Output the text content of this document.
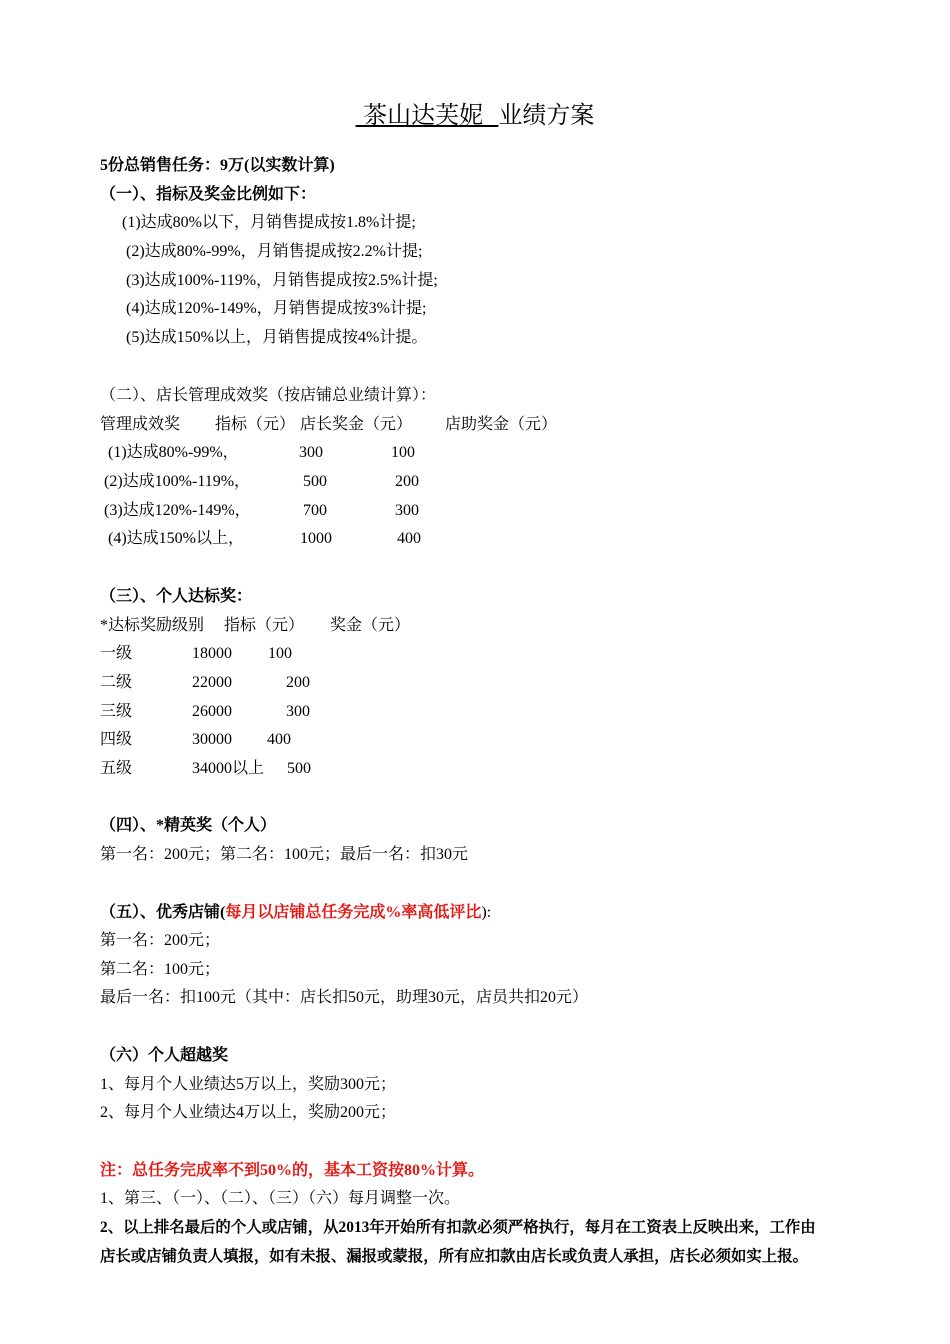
茶山达芙妮  业绩方案
5份总销售任务：9万(以实数计算)
（一）、指标及奖金比例如下：
(1)达成80%以下，月销售提成按1.8%计提;
(2)达成80%-99%，月销售提成按2.2%计提;
(3)达成100%-119%，月销售提成按2.5%计提;
(4)达成120%-149%，月销售提成按3%计提;
(5)达成150%以上，月销售提成按4%计提。
（二）、店长管理成效奖（按店铺总业绩计算）：
管理成效奖 指标（元） 店长奖金（元） 店助奖金（元）
(1)达成80%-99%，	300	100
(2)达成100%-119%，	500	200
(3)达成120%-149%，	700	300
(4)达成150%以上，	1000	400
（三）、个人达标奖：
*达标奖励级别 指标（元） 奖金（元）
一级	18000 100
二级	22000	200
三级	26000	300
四级	30000 400
五级	34000以上 500
（四）、*精英奖（个人）
第一名：200元；第二名：100元；最后一名：扣30元
（五）、优秀店铺(每月以店铺总任务完成%率高低评比):
第一名：200元；
第二名：100元；
最后一名：扣100元（其中：店长扣50元，助理30元，店员共扣20元）
（六）个人超越奖
1、每月个人业绩达5万以上，奖励300元；
2、每月个人业绩达4万以上，奖励200元；
注：总任务完成率不到50%的，基本工资按80%计算。
1、第三、（一）、（二）、（三）（六）每月调整一次。
2、以上排名最后的个人或店铺，从2013年开始所有扣款必须严格执行，每月在工资表上反映出来，工作由
店长或店铺负责人填报，如有未报、漏报或蒙报，所有应扣款由店长或负责人承担，店长必须如实上报。
